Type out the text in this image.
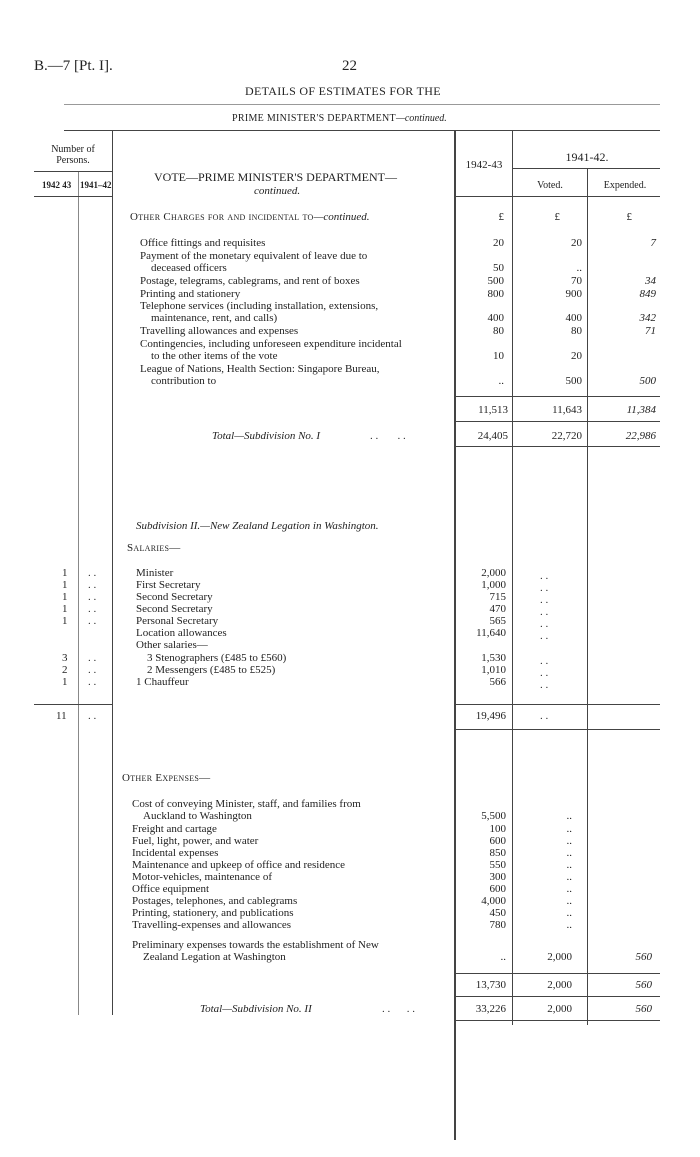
B.—7 [Pt. I].	22
DETAILS OF ESTIMATES FOR THE
PRIME MINISTER'S DEPARTMENT—continued.
Number of Persons.
1942 43 1941–42
VOTE—PRIME MINISTER'S DEPARTMENT—
continued.
1942-43
1941-42.
Voted.	Expended.
Other Charges for and incidental to—continued.	£	£	£
Office fittings and requisites	20	20	7
Payment of the monetary equivalent of leave due to
deceased officers	50	..
Postage, telegrams, cablegrams, and rent of boxes	500	70	34
Printing and stationery	800	900	849
Telephone services (including installation, extensions,
maintenance, rent, and calls)	400	400	342
Travelling allowances and expenses	80	80	71
Contingencies, including unforeseen expenditure incidental
to the other items of the vote	10	20
League of Nations, Health Section: Singapore Bureau,
contribution to	..	500	500
11,513	11,643	11,384
Total—Subdivision No. I	. .       . .	24,405	22,720	22,986
Subdivision II.—New Zealand Legation in Washington.
Salaries—
1 . .	Minister	2,000	. .
1 . .	First Secretary	1,000	. .
1 . .	Second Secretary	715	. .
1 . .	Second Secretary	470	. .
1 . .	Personal Secretary	565	. .
Location allowances	11,640	. .
Other salaries—
3 . .	3 Stenographers (£485 to £560)	1,530	. .
2 . .	2 Messengers (£485 to £525)	1,010	. .
1 . .	1 Chauffeur	566	. .
11 . .	19,496	. .
Other Expenses—
Cost of conveying Minister, staff, and families from
Auckland to Washington	5,500	..
Freight and cartage	100	..
Fuel, light, power, and water	600	..
Incidental expenses	850	..
Maintenance and upkeep of office and residence	550	..
Motor-vehicles, maintenance of	300	..
Office equipment	600	..
Postages, telephones, and cablegrams	4,000	..
Printing, stationery, and publications	450	..
Travelling-expenses and allowances	780	..
Preliminary expenses towards the establishment of New
Zealand Legation at Washington	..	2,000	560
13,730	2,000	560
Total—Subdivision No. II	. .      . .	33,226	2,000	560
